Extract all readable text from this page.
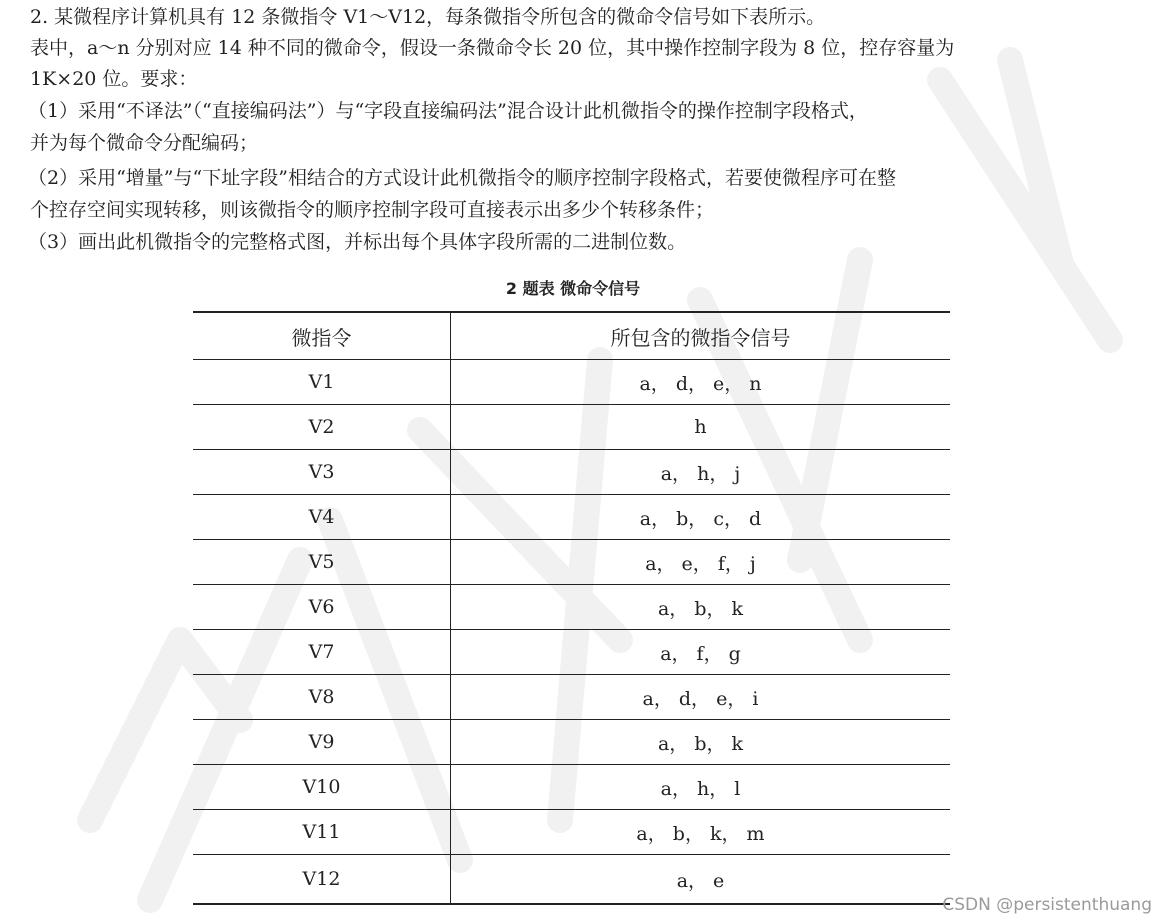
2. 某微程序计算机具有 12 条微指令 V1～V12，每条微指令所包含的微命令信号如下表所示。

表中，a～n 分别对应 14 种不同的微命令，假设一条微命令长 20 位，其中操作控制字段为 8 位，控存容量为

1K×20 位。要求：

（1）采用“不译法”（“直接编码法”）与“字段直接编码法”混合设计此机微指令的操作控制字段格式，

并为每个微命令分配编码；

（2）采用“增量”与“下址字段”相结合的方式设计此机微指令的顺序控制字段格式，若要使微程序可在整

个控存空间实现转移，则该微指令的顺序控制字段可直接表示出多少个转移条件；

（3）画出此机微指令的完整格式图，并标出每个具体字段所需的二进制位数。

2 题表 微命令信号
微指令	所包含的微指令信号
V1	a， d， e， n
V2	h
V3	a， h， j
V4	a， b， c， d
V5	a， e， f， j
V6	a， b， k
V7	a， f， g
V8	a， d， e， i
V9	a， b， k
V10	a， h， l
V11	a， b， k， m
V12	a， e
CSDN @persistenthuang
